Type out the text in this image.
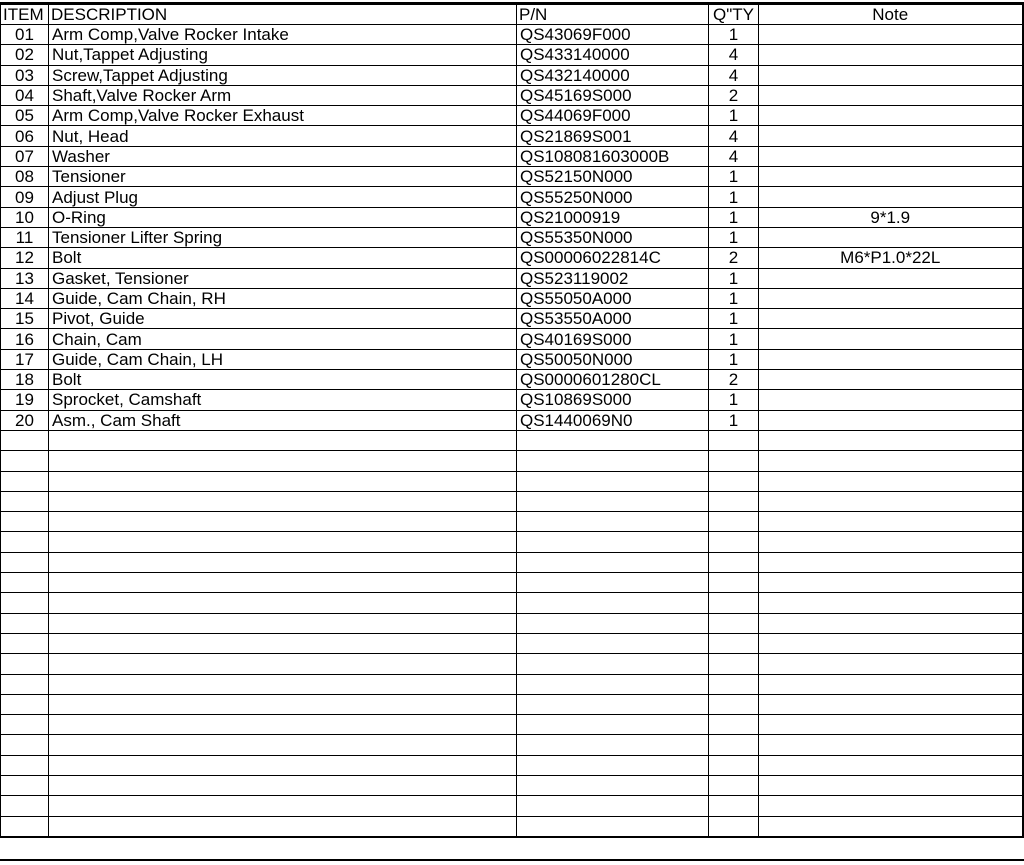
ITEM	DESCRIPTION	P/N	Q"TY	Note
01	Arm Comp,Valve Rocker Intake	QS43069F000	1	
02	Nut,Tappet Adjusting	QS433140000	4	
03	Screw,Tappet Adjusting	QS432140000	4	
04	Shaft,Valve Rocker Arm	QS45169S000	2	
05	Arm Comp,Valve Rocker Exhaust	QS44069F000	1	
06	Nut, Head	QS21869S001	4	
07	Washer	QS108081603000B	4	
08	Tensioner	QS52150N000	1	
09	Adjust Plug	QS55250N000	1	
10	O-Ring	QS21000919	1	9*1.9
11	Tensioner Lifter Spring	QS55350N000	1	
12	Bolt	QS00006022814C	2	M6*P1.0*22L
13	Gasket, Tensioner	QS523119002	1	
14	Guide, Cam Chain, RH	QS55050A000	1	
15	Pivot, Guide	QS53550A000	1	
16	Chain, Cam	QS40169S000	1	
17	Guide, Cam Chain, LH	QS50050N000	1	
18	Bolt	QS0000601280CL	2	
19	Sprocket, Camshaft	QS10869S000	1	
20	Asm., Cam Shaft	QS1440069N0	1	
